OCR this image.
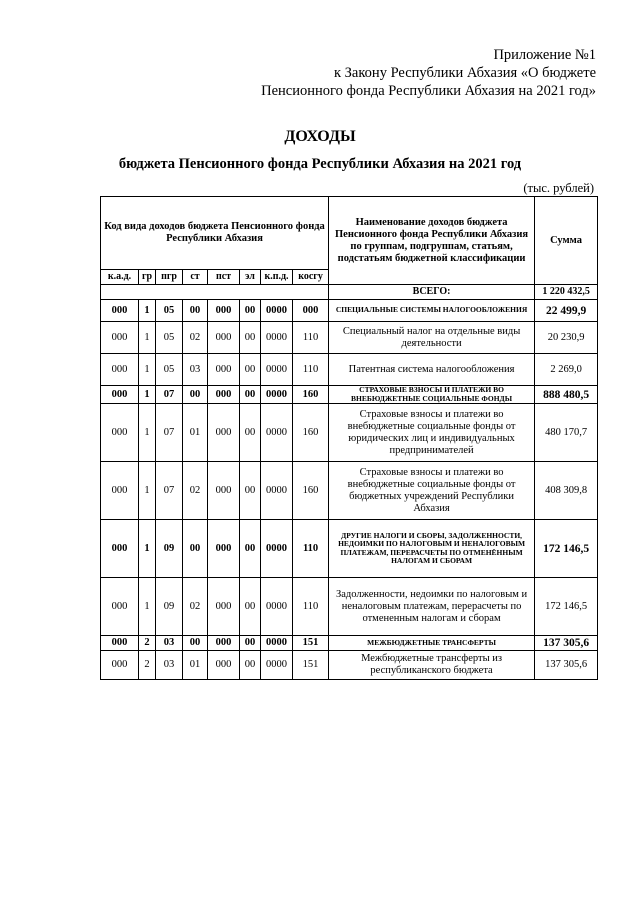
Приложение №1
к Закону Республики Абхазия «О бюджете
Пенсионного фонда Республики Абхазия на 2021 год»
ДОХОДЫ
бюджета Пенсионного фонда Республики Абхазия на 2021 год
(тыс. рублей)
Код вида доходов бюджета Пенсионного фонда Республики Абхазия								Наименование доходов бюджета Пенсионного фонда Республики Абхазия по группам, подгруппам, статьям, подстатьям бюджетной классификации	Сумма
к.а.д.	гр	пгр	ст	пст	эл	к.п.д.	косгу		
								ВСЕГО:	1 220 432,5
000	1	05	00	000	00	0000	000	СПЕЦИАЛЬНЫЕ СИСТЕМЫ НАЛОГООБЛОЖЕНИЯ	22 499,9
000	1	05	02	000	00	0000	110	Специальный налог на отдельные виды деятельности	20 230,9
000	1	05	03	000	00	0000	110	Патентная система налогообложения	2 269,0
000	1	07	00	000	00	0000	160	СТРАХОВЫЕ ВЗНОСЫ И ПЛАТЕЖИ ВО ВНЕБЮДЖЕТНЫЕ СОЦИАЛЬНЫЕ ФОНДЫ	888 480,5
000	1	07	01	000	00	0000	160	Страховые взносы и платежи во внебюджетные социальные фонды от юридических лиц и индивидуальных предпринимателей	480 170,7
000	1	07	02	000	00	0000	160	Страховые взносы и платежи во внебюджетные социальные фонды от бюджетных учреждений Республики Абхазия	408 309,8
000	1	09	00	000	00	0000	110	ДРУГИЕ НАЛОГИ И СБОРЫ, ЗАДОЛЖЕННОСТИ, НЕДОИМКИ ПО НАЛОГОВЫМ И НЕНАЛОГОВЫМ ПЛАТЕЖАМ, ПЕРЕРАСЧЕТЫ ПО ОТМЕНЁННЫМ НАЛОГАМ И СБОРАМ	172 146,5
000	1	09	02	000	00	0000	110	Задолженности, недоимки по налоговым и неналоговым платежам, перерасчеты по отмененным налогам и сборам	172 146,5
000	2	03	00	000	00	0000	151	МЕЖБЮДЖЕТНЫЕ ТРАНСФЕРТЫ	137 305,6
000	2	03	01	000	00	0000	151	Межбюджетные трансферты из республиканского бюджета	137 305,6
